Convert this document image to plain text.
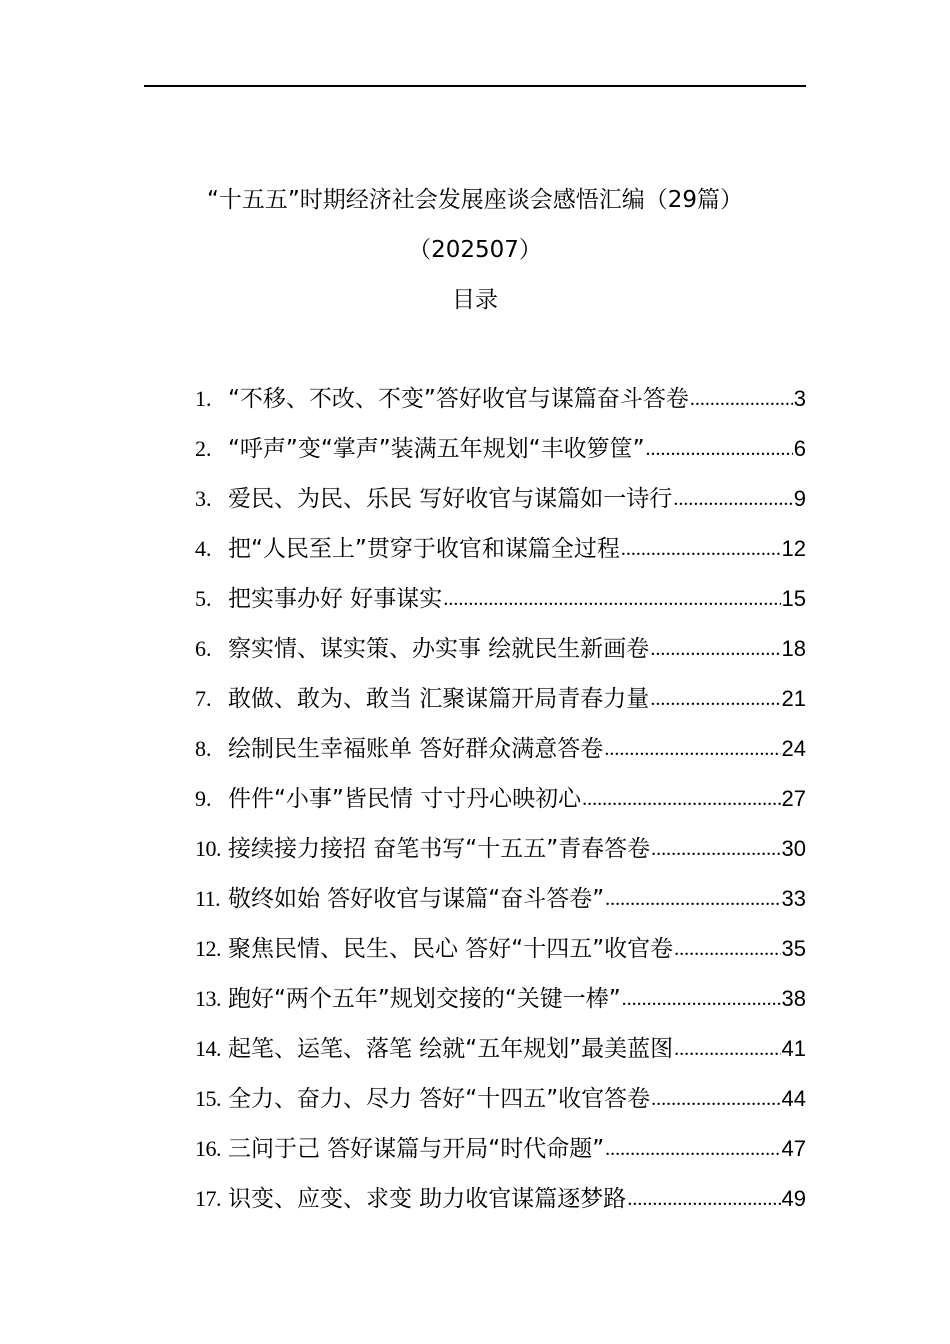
“十五五”时期经济社会发展座谈会感悟汇编（29篇）
（202507）
目录
1. “不移、不改、不变”答好收官与谋篇奋斗答卷 .....	3
2. “呼声”变“掌声”装满五年规划“丰收箩筐” .....	6
3. 爱民、为民、乐民 写好收官与谋篇如一诗行 .....	9
4. 把“人民至上”贯穿于收官和谋篇全过程 .....	12
5. 把实事办好 好事谋实 .....	15
6. 察实情、谋实策、办实事 绘就民生新画卷 .....	18
7. 敢做、敢为、敢当 汇聚谋篇开局青春力量 .....	21
8. 绘制民生幸福账单 答好群众满意答卷 .....	24
9. 件件“小事”皆民情 寸寸丹心映初心 .....	27
10. 接续接力接招 奋笔书写“十五五”青春答卷 .....	30
11. 敬终如始 答好收官与谋篇“奋斗答卷” .....	33
12. 聚焦民情、民生、民心 答好“十四五”收官卷 .....	35
13. 跑好“两个五年”规划交接的“关键一棒” .....	38
14. 起笔、运笔、落笔 绘就“五年规划”最美蓝图 .....	41
15. 全力、奋力、尽力 答好“十四五”收官答卷 .....	44
16. 三问于己 答好谋篇与开局“时代命题” .....	47
17. 识变、应变、求变 助力收官谋篇逐梦路 .....	49
